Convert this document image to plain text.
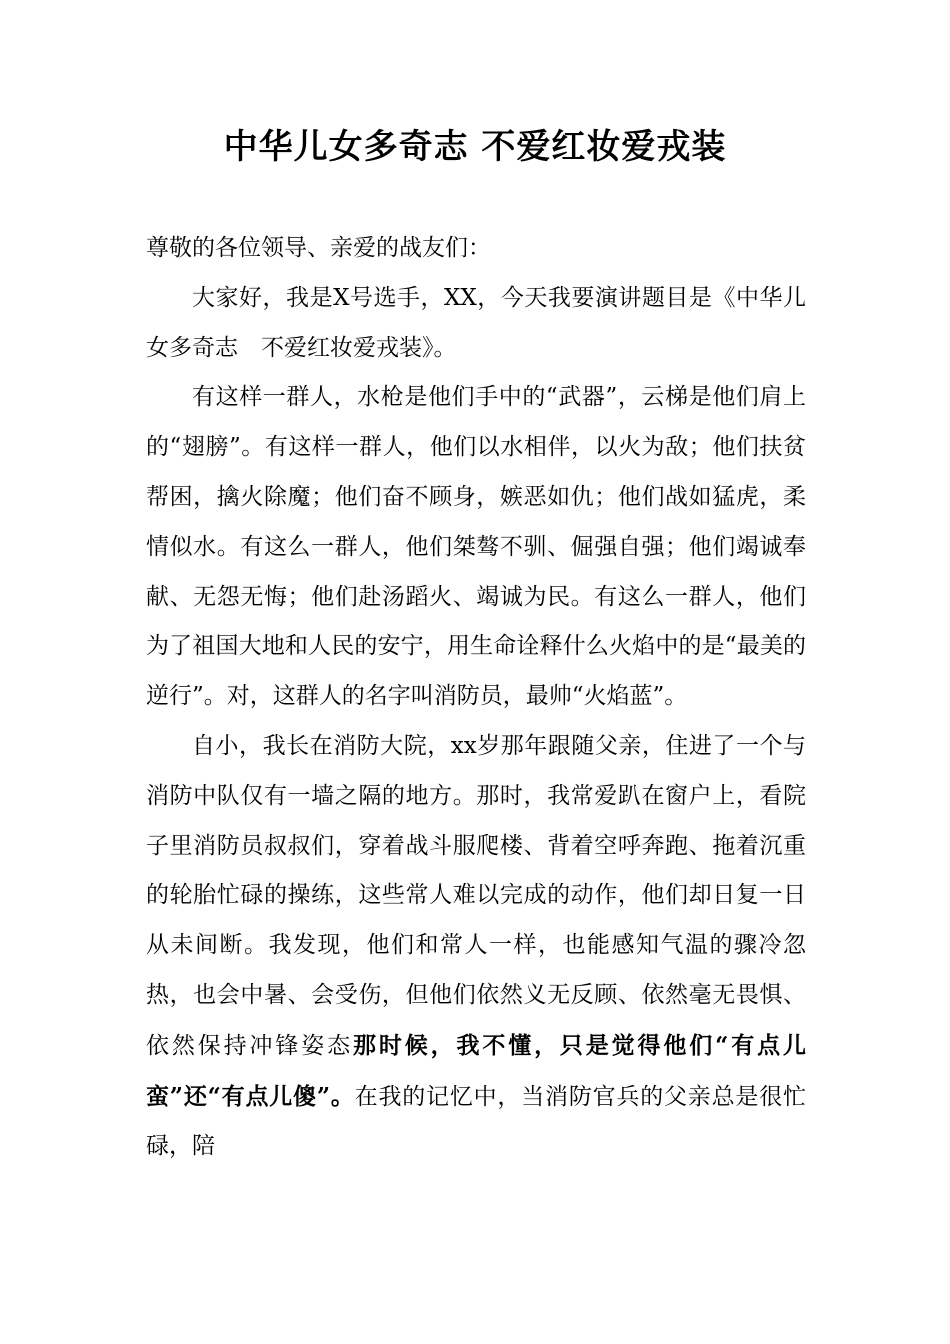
中华儿女多奇志 不爱红妆爱戎装

尊敬的各位领导、亲爱的战友们：

大家好，我是X号选手，XX，今天我要演讲题目是《中华儿女多奇志　不爱红妆爱戎装》。

有这样一群人，水枪是他们手中的“武器”，云梯是他们肩上的“翅膀”。有这样一群人，他们以水相伴，以火为敌；他们扶贫帮困，擒火除魔；他们奋不顾身，嫉恶如仇；他们战如猛虎，柔情似水。有这么一群人，他们桀骜不驯、倔强自强；他们竭诚奉献、无怨无悔；他们赴汤蹈火、竭诚为民。有这么一群人，他们为了祖国大地和人民的安宁，用生命诠释什么火焰中的是“最美的逆行”。对，这群人的名字叫消防员，最帅“火焰蓝”。

自小，我长在消防大院，xx岁那年跟随父亲，住进了一个与消防中队仅有一墙之隔的地方。那时，我常爱趴在窗户上，看院子里消防员叔叔们，穿着战斗服爬楼、背着空呼奔跑、拖着沉重的轮胎忙碌的操练，这些常人难以完成的动作，他们却日复一日从未间断。我发现，他们和常人一样，也能感知气温的骤冷忽热，也会中暑、会受伤，但他们依然义无反顾、依然毫无畏惧、依然保持冲锋姿态那时候，我不懂，只是觉得他们“有点儿蛮”还“有点儿傻”。在我的记忆中，当消防官兵的父亲总是很忙碌，陪
